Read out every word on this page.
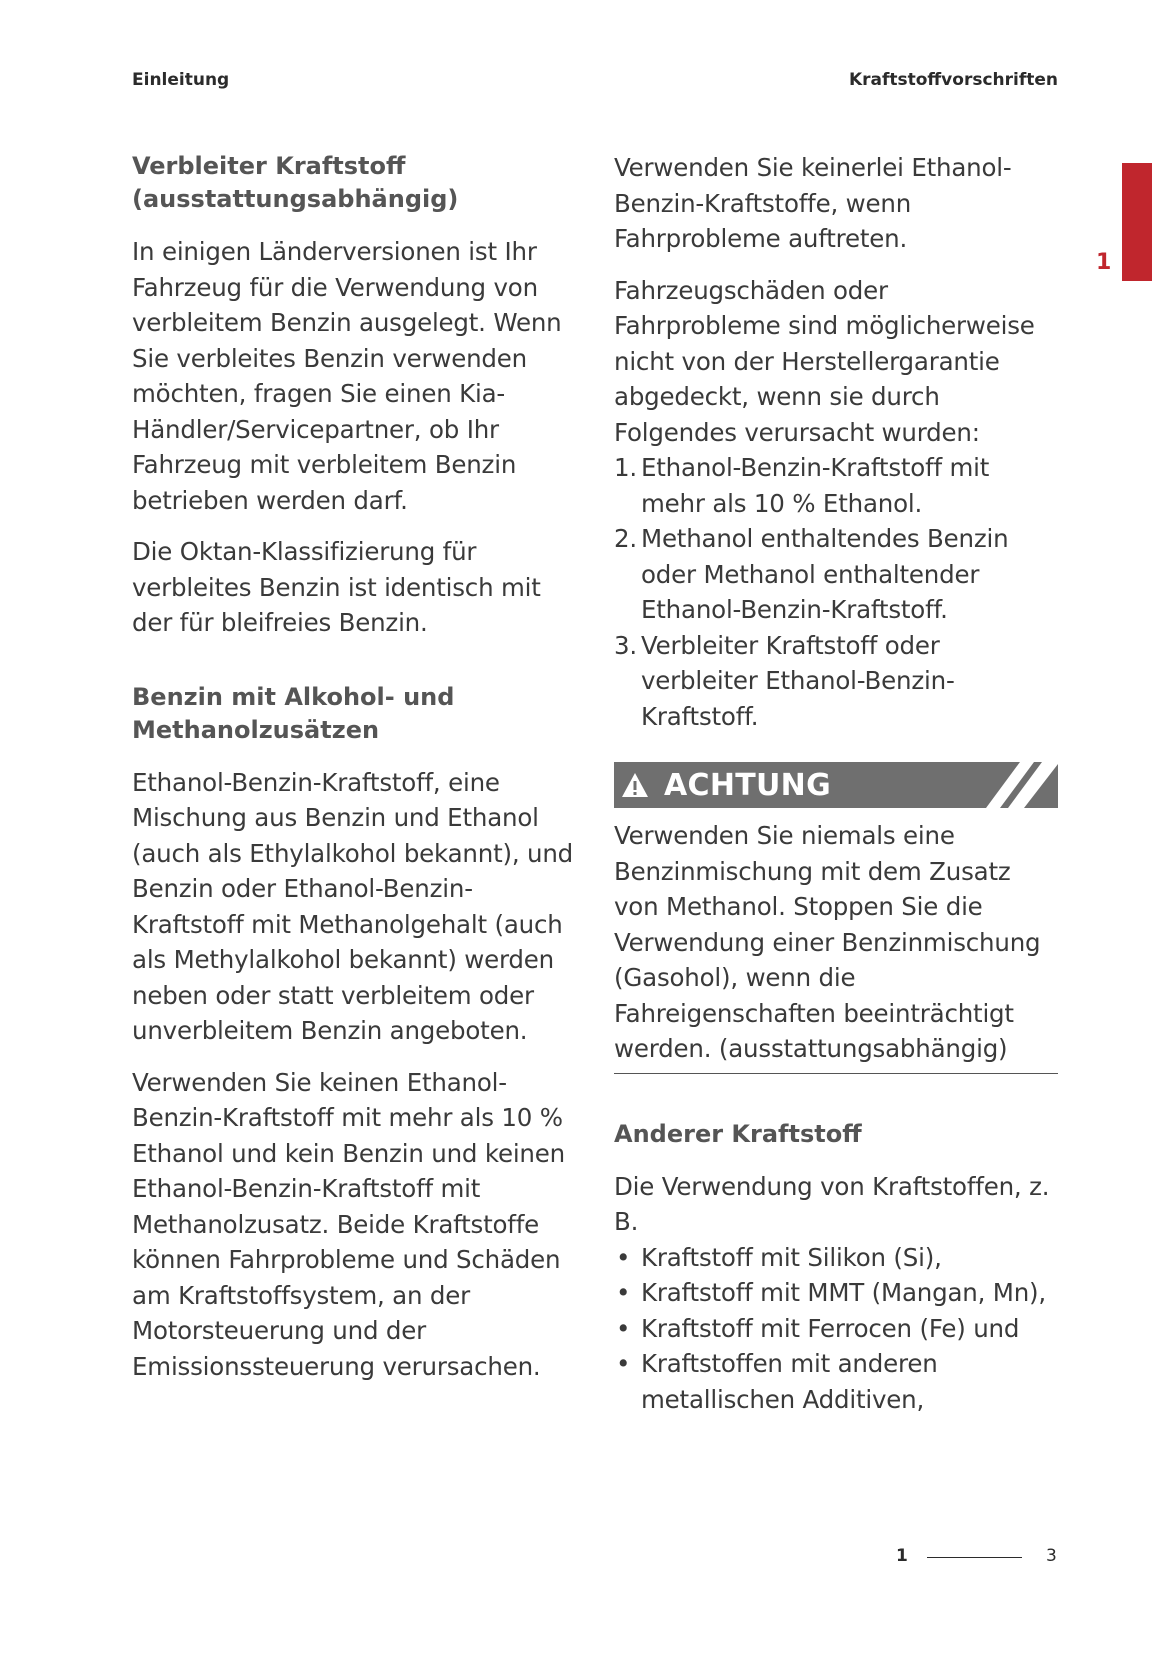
Einleitung	Kraftstoffvorschriften
1
Verbleiter Kraftstoff (ausstattungsabhängig)

In einigen Länderversionen ist Ihr Fahrzeug für die Verwendung von verbleitem Benzin ausgelegt. Wenn Sie verbleites Benzin verwenden möchten, fragen Sie einen Kia-Händler/Servicepartner, ob Ihr Fahrzeug mit verbleitem Benzin betrieben werden darf.

Die Oktan-Klassifizierung für verbleites Benzin ist identisch mit der für bleifreies Benzin.

Benzin mit Alkohol- und Methanolzusätzen

Ethanol-Benzin-Kraftstoff, eine Mischung aus Benzin und Ethanol (auch als Ethylalkohol bekannt), und Benzin oder Ethanol-Benzin-Kraftstoff mit Methanolgehalt (auch als Methylalkohol bekannt) werden neben oder statt verbleitem oder unverbleitem Benzin angeboten.

Verwenden Sie keinen Ethanol-Benzin-Kraftstoff mit mehr als 10 % Ethanol und kein Benzin und keinen Ethanol-Benzin-Kraftstoff mit Methanolzusatz. Beide Kraftstoffe können Fahrprobleme und Schäden am Kraftstoffsystem, an der Motorsteuerung und der Emissionssteuerung verursachen.

Verwenden Sie keinerlei Ethanol-Benzin-Kraftstoffe, wenn Fahrprobleme auftreten.

Fahrzeugschäden oder Fahrprobleme sind möglicherweise nicht von der Herstellergarantie abgedeckt, wenn sie durch Folgendes verursacht wurden:

1. Ethanol-Benzin-Kraftstoff mit mehr als 10 % Ethanol.
2. Methanol enthaltendes Benzin oder Methanol enthaltender Ethanol-Benzin-Kraftstoff.
3. Verbleiter Kraftstoff oder verbleiter Ethanol-Benzin-Kraftstoff.
ACHTUNG

Verwenden Sie niemals eine Benzinmischung mit dem Zusatz von Methanol. Stoppen Sie die Verwendung einer Benzinmischung (Gasohol), wenn die Fahreigenschaften beeinträchtigt werden. (ausstattungsabhängig)

Anderer Kraftstoff

Die Verwendung von Kraftstoffen, z. B.

• Kraftstoff mit Silikon (Si),
• Kraftstoff mit MMT (Mangan, Mn),
• Kraftstoff mit Ferrocen (Fe) und
• Kraftstoffen mit anderen metallischen Additiven,
1	3
